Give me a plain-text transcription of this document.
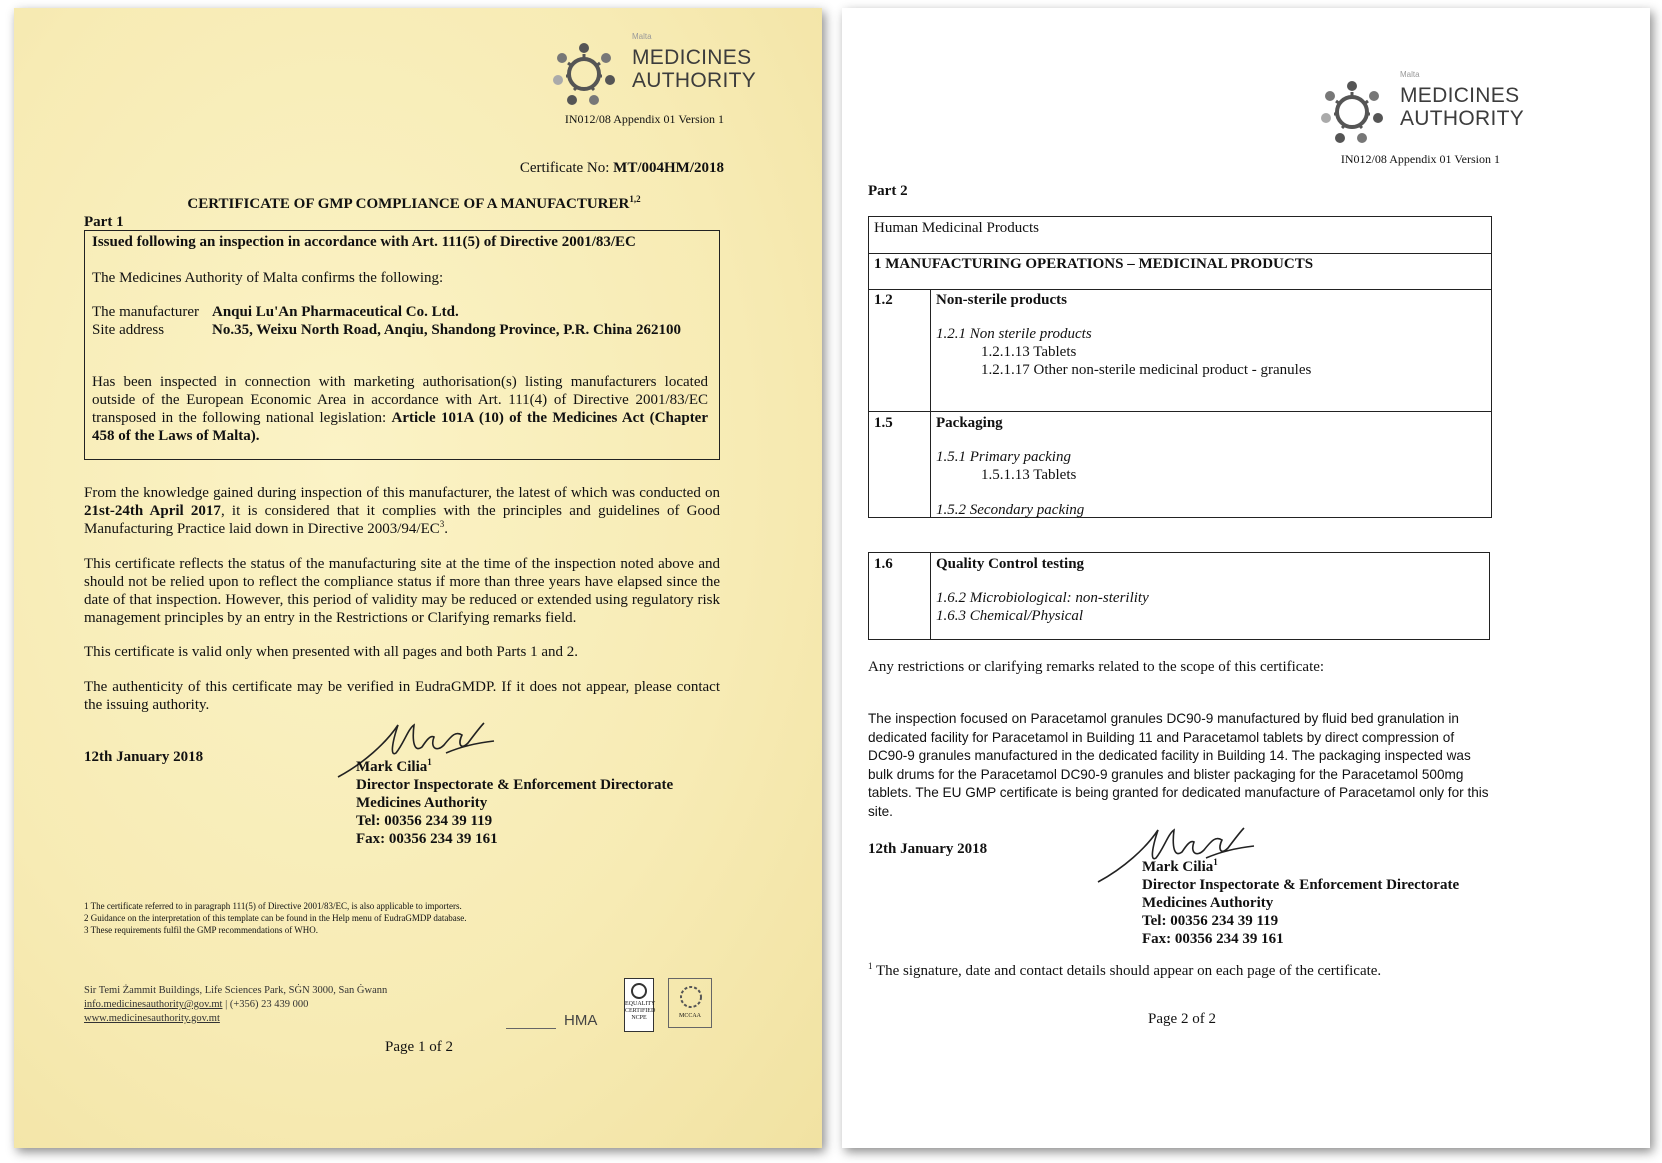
Malta
MEDICINES
AUTHORITY
IN012/08 Appendix 01 Version 1
Certificate No: MT/004HM/2018
CERTIFICATE OF GMP COMPLIANCE OF A MANUFACTURER$^{1,2}$
Part 1
Issued following an inspection in accordance with Art. 111(5) of Directive 2001/83/EC
The Medicines Authority of Malta confirms the following:
The manufacturer Anqui Lu'An Pharmaceutical Co. Ltd.
Site address	No.35, Weixu North Road, Anqiu, Shandong Province, P.R. China 262100
Has been inspected in connection with marketing authorisation(s) listing manufacturers located outside of the European Economic Area in accordance with Art. 111(4) of Directive 2001/83/EC transposed in the following national legislation: Article 101A (10) of the Medicines Act (Chapter 458 of the Laws of Malta).
From the knowledge gained during inspection of this manufacturer, the latest of which was conducted on 21st-24th April 2017, it is considered that it complies with the principles and guidelines of Good Manufacturing Practice laid down in Directive $2003/94/EC^3$.
This certificate reflects the status of the manufacturing site at the time of the inspection noted above and should not be relied upon to reflect the compliance status if more than three years have elapsed since the date of that inspection. However, this period of validity may be reduced or extended using regulatory risk management principles by an entry in the Restrictions or Clarifying remarks field.
This certificate is valid only when presented with all pages and both Parts 1 and 2.
The authenticity of this certificate may be verified in EudraGMDP. If it does not appear, please contact the issuing authority.
12th January 2018
Mark Cilia$^1$
Director Inspectorate & Enforcement Directorate
Medicines Authority
Tel: 00356 234 39 119
Fax: 00356 234 39 161
1 The certificate referred to in paragraph 111(5) of Directive 2001/83/EC, is also applicable to importers.
2 Guidance on the interpretation of this template can be found in the Help menu of EudraGMDP database.
3 These requirements fulfil the GMP recommendations of WHO.
Sir Temi Żammit Buildings, Life Sciences Park, SĠN 3000, San Ġwann
info.medicinesauthority@gov.mt | (+356) 23 439 000
www.medicinesauthority.gov.mt	HMA
EQUALITY CERTIFIED NCPE	MCCAA
Page 1 of 2
Malta
MEDICINES
AUTHORITY
IN012/08 Appendix 01 Version 1
Part 2
Human Medicinal Products
1 MANUFACTURING OPERATIONS – MEDICINAL PRODUCTS
1.2	Non-sterile products
1.2.1 Non sterile products
1.2.1.13 Tablets
1.2.1.17 Other non-sterile medicinal product - granules
1.5	Packaging
1.5.1 Primary packing
1.5.1.13 Tablets
1.5.2 Secondary packing
1.6	Quality Control testing
1.6.2 Microbiological: non-sterility
1.6.3 Chemical/Physical
Any restrictions or clarifying remarks related to the scope of this certificate:
The inspection focused on Paracetamol granules DC90-9 manufactured by fluid bed granulation in dedicated facility for Paracetamol in Building 11 and Paracetamol tablets by direct compression of DC90-9 granules manufactured in the dedicated facility in Building 14. The packaging inspected was bulk drums for the Paracetamol DC90-9 granules and blister packaging for the Paracetamol 500mg tablets. The EU GMP certificate is being granted for dedicated manufacture of Paracetamol only for this site.
12th January 2018
Mark Cilia$^1$
Director Inspectorate & Enforcement Directorate
Medicines Authority
Tel: 00356 234 39 119
Fax: 00356 234 39 161
$^1$ The signature, date and contact details should appear on each page of the certificate.
Page 2 of 2
